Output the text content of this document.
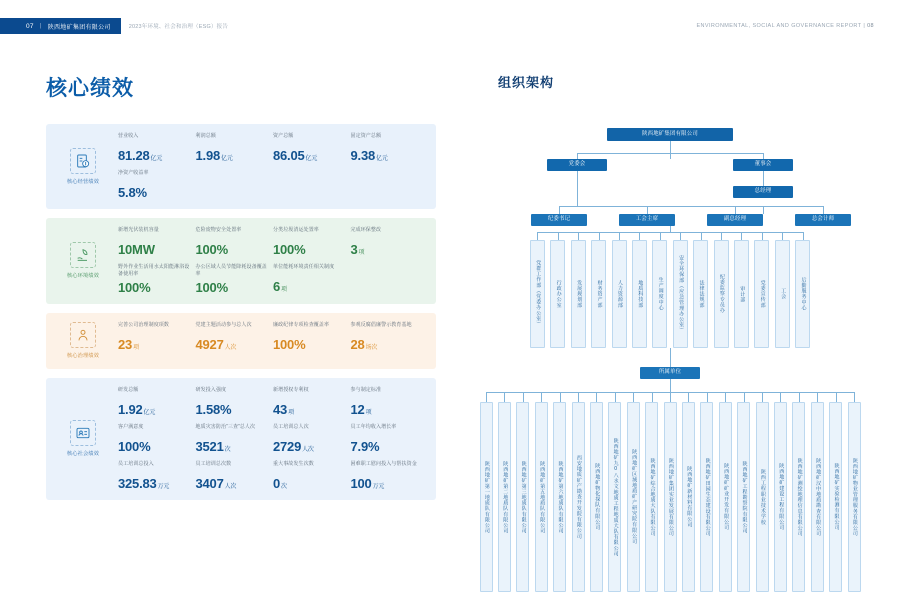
07 | 陕西地矿集团有限公司	2023年环境、社会和治理（ESG）报告	ENVIRONMENTAL, SOCIAL AND GOVERNANCE REPORT | 08
核心绩效
核心经营绩效
营业收入
81.28亿元
利润总额
1.98亿元
资产总额
86.05亿元
固定资产总额
9.38亿元
净资产收益率
5.8%
核心环境绩效
新增光伏装机容量
10MW
危险废物安全处置率
100%
分类垃圾清运处置率
100%
完成环保整改
3项
野外作业生活用水太阳能淋浴设备使用率
100%
办公区域人员节能降耗设备覆盖率
100%
单位能耗环境责任相关制度
6项
核心治理绩效
完善公司治理制度项数
23项
党建主题活动参与总人次
4927人次
廉政纪律专项检查覆盖率
100%
参观反腐倡廉警示教育基地
28场次
核心社会绩效
研发总额
1.92亿元
研发投入强度
1.58%
新增授权专利权
43项
参与制定标准
12项
客户满意度
100%
地质灾害防治“三查”总人次
3521次
员工培训总人次
2729人次
员工年均收入增长率
7.9%
员工培训总投入
325.83万元
员工培训总次数
3407人次
重大事故发生次数
0次
困难职工慰问投入与帮扶资金
100万元
组织架构
陕西地矿集团有限公司
党委会	董事会
总经理
纪委书记	工会主席	副总经理	总会计师
党群工作部（党委办公室）	行政办公室	发展规划部	财务资产部	人力资源部	地质科技部	生产调度中心	安全环保部（应急管理办公室）	法律法规部	纪委监察专员办	审计部	党委宣传部	工会	后勤服务中心
所属单位
陕西地矿第一地质队有限公司	陕西地矿第二地质队有限公司	陕西地矿第三地质队有限公司	陕西地矿第五地质队有限公司	陕西地矿第六地质队有限公司	西安地质矿产勘查开发院有限公司	陕西地矿物化探队有限公司	陕西地矿九0八水文地质工程地质大队有限公司	陕西地矿区域地质矿产研究院有限公司	陕西地矿综合地质大队有限公司	陕西地矿集团实业发展有限公司	陕西地矿新材料有限公司	陕西地矿田园生态建设有限公司	陕西地矿矿业开发有限公司	陕西地矿工程勘察院有限公司	陕西工程职业技术学校	陕西地矿建设工程有限公司	陕西地矿测绘地理信息有限公司	陕西地矿汉中地质勘查有限公司	陕西地矿实验检测有限公司	陕西地矿物业管理服务有限公司
